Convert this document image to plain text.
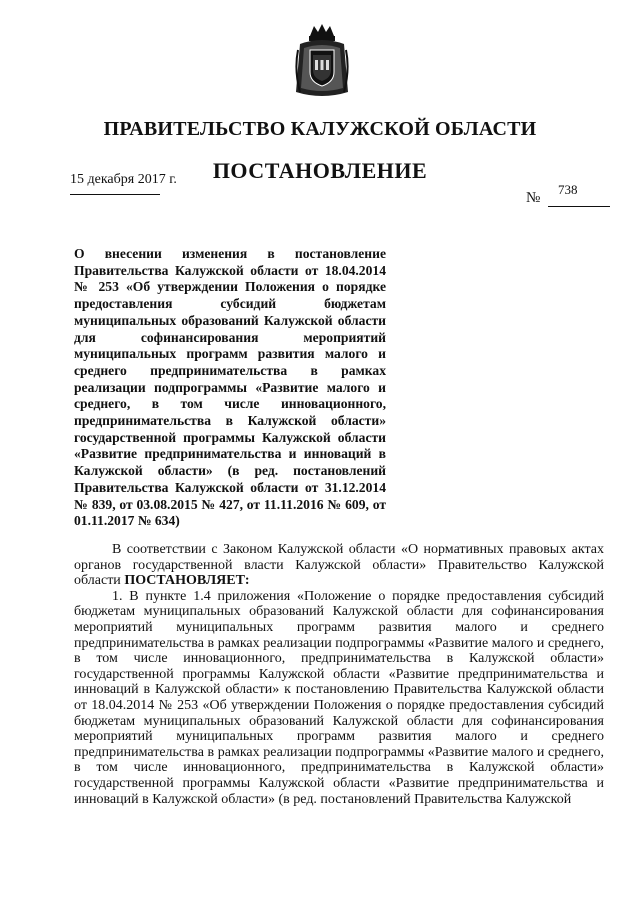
ПРАВИТЕЛЬСТВО КАЛУЖСКОЙ ОБЛАСТИ
ПОСТАНОВЛЕНИЕ
15 декабря 2017 г.
№
738
О внесении изменения в постановление Правительства Калужской области от 18.04.2014 № 253 «Об утверждении Положения о порядке предоставления субсидий бюджетам муниципальных образований Калужской области для софинансирования мероприятий муниципальных программ развития малого и среднего предпринимательства в рамках реализации подпрограммы «Развитие малого и среднего, в том числе инновационного, предпринимательства в Калужской области» государственной программы Калужской области «Развитие предпринимательства и инноваций в Калужской области» (в ред. постановлений Правительства Калужской области от 31.12.2014 № 839, от 03.08.2015 № 427, от 11.11.2016 № 609, от 01.11.2017 № 634)

В соответствии с Законом Калужской области «О нормативных правовых актах органов государственной власти Калужской области» Правительство Калужской области ПОСТАНОВЛЯЕТ:

1. В пункте 1.4 приложения «Положение о порядке предоставления субсидий бюджетам муниципальных образований Калужской области для софинансирования мероприятий муниципальных программ развития малого и среднего предпринимательства в рамках реализации подпрограммы «Развитие малого и среднего, в том числе инновационного, предпринимательства в Калужской области» государственной программы Калужской области «Развитие предпринимательства и инноваций в Калужской области» к постановлению Правительства Калужской области от 18.04.2014 № 253 «Об утверждении Положения о порядке предоставления субсидий бюджетам муниципальных образований Калужской области для софинансирования мероприятий муниципальных программ развития малого и среднего предпринимательства в рамках реализации подпрограммы «Развитие малого и среднего, в том числе инновационного, предпринимательства в Калужской области» государственной программы Калужской области «Развитие предпринимательства и инноваций в Калужской области» (в ред. постановлений Правительства Калужской
